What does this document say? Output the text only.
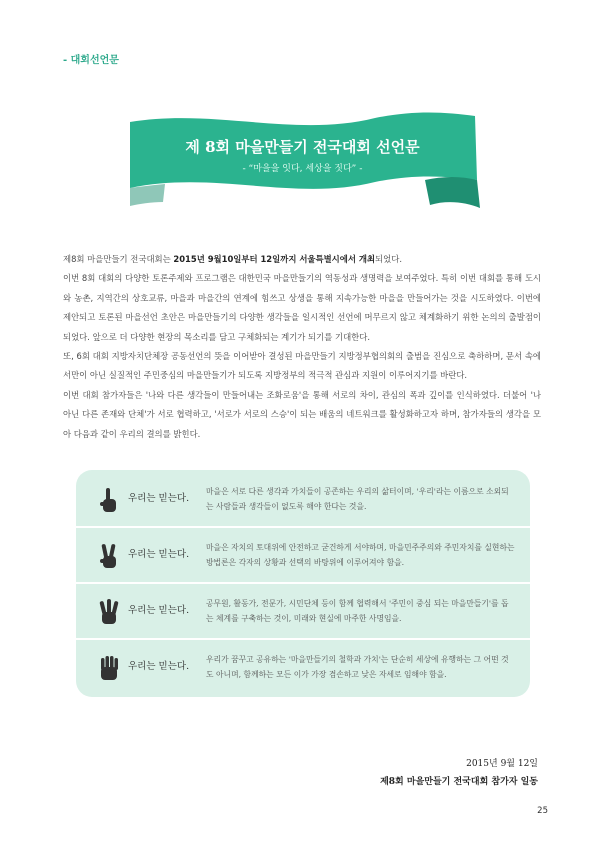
- 대회선언문
제 8회 마을만들기 전국대회 선언문
- “마을을 잇다, 세상을 짓다” -

제8회 마을만들기 전국대회는 2015년 9월10일부터 12일까지 서울특별시에서 개최되었다.

이번 8회 대회의 다양한 토론주제와 프로그램은 대한민국 마을만들기의 역동성과 생명력을 보여주었다. 특히 이번 대회를 통해 도시와 농촌, 지역간의 상호교류, 마을과 마을간의 연계에 힘쓰고 상생을 통해 지속가능한 마을을 만들어가는 것을 시도하였다. 이번에 제안되고 토론된 마을선언 초안은 마을만들기의 다양한 생각들을 일시적인 선언에 머무르지 않고 체계화하기 위한 논의의 출발점이 되었다. 앞으로 더 다양한 현장의 목소리를 담고 구체화되는 계기가 되기를 기대한다.

또, 6회 대회 지방자치단체장 공동선언의 뜻을 이어받아 결성된 마을만들기 지방정부협의회의 출범을 진심으로 축하하며, 문서 속에서만이 아닌 실질적인 주민중심의 마을만들기가 되도록 지방정부의 적극적 관심과 지원이 이루어지기를 바란다.

이번 대회 참가자들은 '나와 다른 생각들이 만들어내는 조화로움'을 통해 서로의 차이, 관심의 폭과 깊이를 인식하였다. 더불어 '나 아닌 다른 존재와 단체'가 서로 협력하고, '서로가 서로의 스승'이 되는 배움의 네트워크를 활성화하고자 하며, 참가자들의 생각을 모아 다음과 같이 우리의 결의를 밝힌다.

우리는 믿는다.
마을은 서로 다른 생각과 가치들이 공존하는 우리의 삶터이며, '우리'라는 이름으로 소외되는 사람들과 생각들이 없도록 해야 한다는 것을.
우리는 믿는다.
마을은 자치의 토대위에 안전하고 굳건하게 서야하며, 마을민주주의와 주민자치를 실현하는 방법론은 각자의 상황과 선택의 바탕위에 이루어져야 함을.
우리는 믿는다.
공무원, 활동가, 전문가, 시민단체 등이 함께 협력해서 '주민이 중심 되는 마을만들기'를 돕는 체계를 구축하는 것이, 미래와 현실에 마주한 사명임을.
우리는 믿는다.
우리가 꿈꾸고 공유하는 '마을만들기의 철학과 가치'는 단순히 세상에 유행하는 그 어떤 것도 아니며, 함께하는 모든 이가 가장 겸손하고 낮은 자세로 임해야 함을.
2015년 9월 12일
제8회 마을만들기 전국대회 참가자 일동
25
